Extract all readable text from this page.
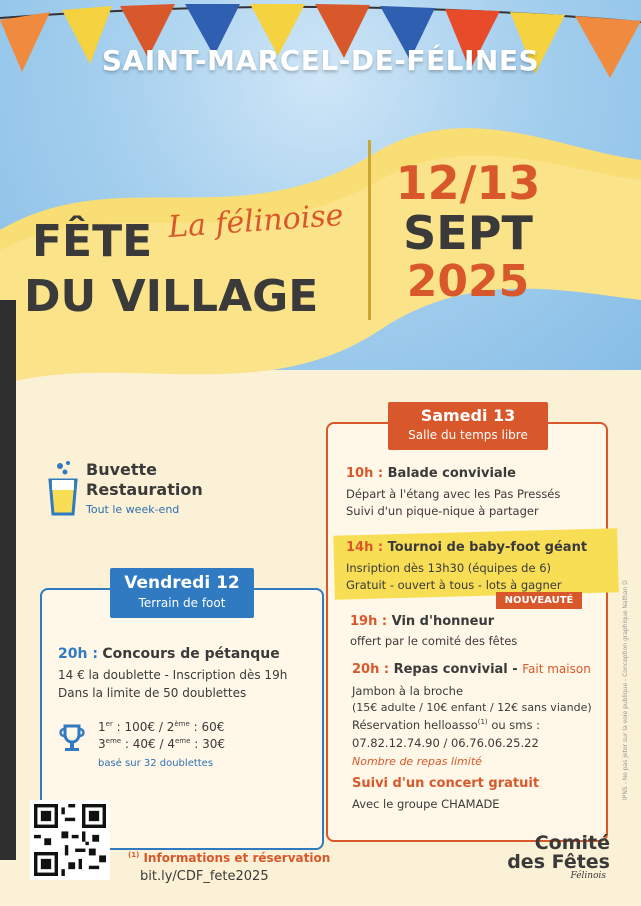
SAINT-MARCEL-DE-FÉLINES
FÊTE La félinoise
DU VILLAGE
12/13
SEPT
2025
Buvette
Restauration
Tout le week-end
Vendredi 12
Terrain de foot
20h : Concours de pétanque
14 € la doublette - Inscription dès 19h
Dans la limite de 50 doublettes
1er : 100€ / 2ème : 60€
3eme : 40€ / 4eme : 30€
basé sur 32 doublettes
Samedi 13
Salle du temps libre
10h : Balade conviviale
Départ à l'étang avec les Pas Pressés
Suivi d'un pique-nique à partager
14h : Tournoi de baby-foot géant
Insription dès 13h30 (équipes de 6)
Gratuit - ouvert à tous - lots à gagner
NOUVEAUTÉ
19h : Vin d'honneur
offert par le comité des fêtes
20h : Repas convivial - Fait maison
Jambon à la broche
(15€ adulte / 10€ enfant / 12€ sans viande)
Réservation helloasso$^{(1)}$ ou sms :
07.82.12.74.90 / 06.76.06.25.22
Nombre de repas limité
Suivi d'un concert gratuit
Avec le groupe CHAMADE
IPNS - Ne pas jeter sur la voie publique - Conception graphique Nathan D
$^{(1)}$ Informations et réservation
bit.ly/CDF_fete2025
Comité
des Fêtes
Félinois
